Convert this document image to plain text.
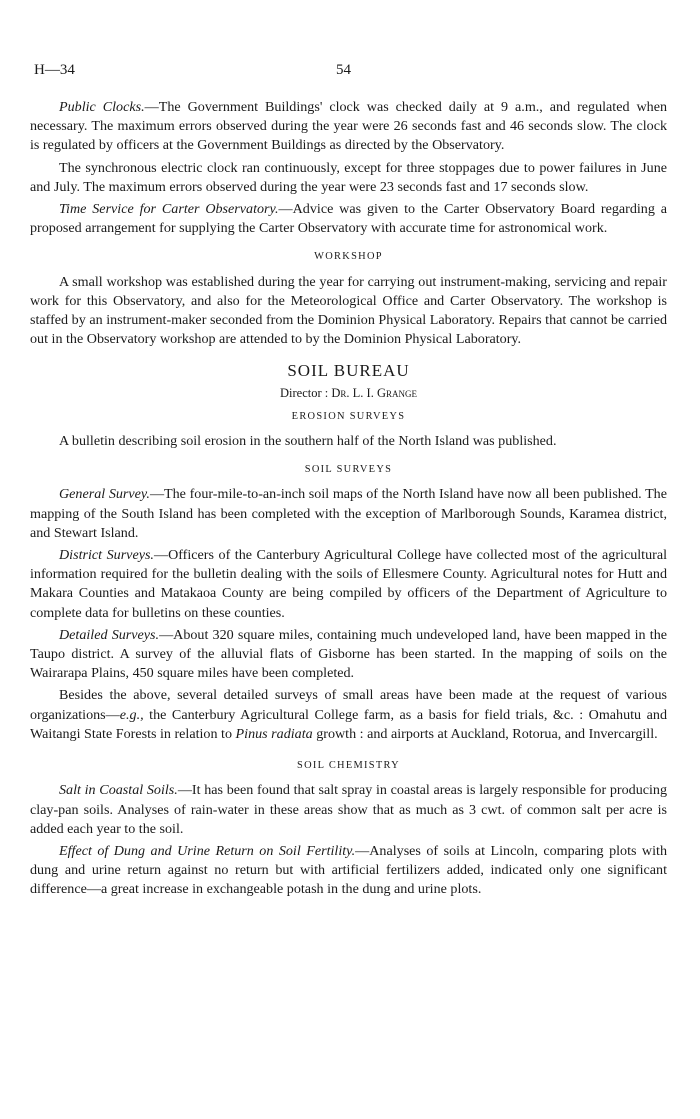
H—34	54

Public Clocks.—The Government Buildings' clock was checked daily at 9 a.m., and regulated when necessary. The maximum errors observed during the year were 26 seconds fast and 46 seconds slow. The clock is regulated by officers at the Government Buildings as directed by the Observatory.

The synchronous electric clock ran continuously, except for three stoppages due to power failures in June and July. The maximum errors observed during the year were 23 seconds fast and 17 seconds slow.

Time Service for Carter Observatory.—Advice was given to the Carter Observatory Board regarding a proposed arrangement for supplying the Carter Observatory with accurate time for astronomical work.

WORKSHOP

A small workshop was established during the year for carrying out instrument-making, servicing and repair work for this Observatory, and also for the Meteorological Office and Carter Observatory. The workshop is staffed by an instrument-maker seconded from the Dominion Physical Laboratory. Repairs that cannot be carried out in the Observatory workshop are attended to by the Dominion Physical Laboratory.

SOIL BUREAU
Director : Dr. L. I. Grange
EROSION SURVEYS

A bulletin describing soil erosion in the southern half of the North Island was published.

SOIL SURVEYS

General Survey.—The four-mile-to-an-inch soil maps of the North Island have now all been published. The mapping of the South Island has been completed with the exception of Marlborough Sounds, Karamea district, and Stewart Island.

District Surveys.—Officers of the Canterbury Agricultural College have collected most of the agricultural information required for the bulletin dealing with the soils of Ellesmere County. Agricultural notes for Hutt and Makara Counties and Matakaoa County are being compiled by officers of the Department of Agriculture to complete data for bulletins on these counties.

Detailed Surveys.—About 320 square miles, containing much undeveloped land, have been mapped in the Taupo district. A survey of the alluvial flats of Gisborne has been started. In the mapping of soils on the Wairarapa Plains, 450 square miles have been completed.

Besides the above, several detailed surveys of small areas have been made at the request of various organizations—e.g., the Canterbury Agricultural College farm, as a basis for field trials, &c. : Omahutu and Waitangi State Forests in relation to Pinus radiata growth : and airports at Auckland, Rotorua, and Invercargill.

SOIL CHEMISTRY

Salt in Coastal Soils.—It has been found that salt spray in coastal areas is largely responsible for producing clay-pan soils. Analyses of rain-water in these areas show that as much as 3 cwt. of common salt per acre is added each year to the soil.

Effect of Dung and Urine Return on Soil Fertility.—Analyses of soils at Lincoln, comparing plots with dung and urine return against no return but with artificial fertilizers added, indicated only one significant difference—a great increase in exchangeable potash in the dung and urine plots.
